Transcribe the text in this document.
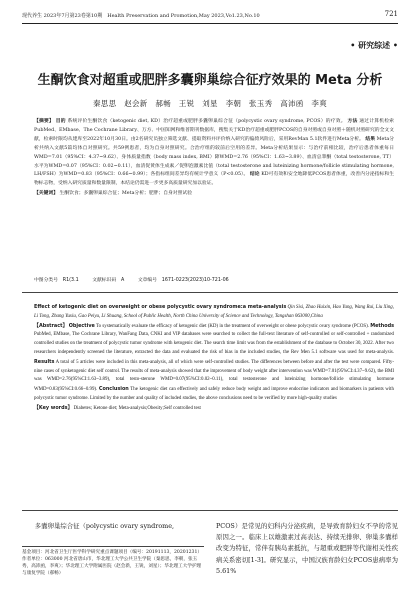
现代养生 2023年7月第23卷第10期　Health Preservation and Promotion,May 2023,Vo1.23,No.10	721
• 研究综述 •
生酮饮食对超重或肥胖多囊卵巢综合征疗效果的 Meta 分析
秦思思　赵会新　郝畅　王锐　刘星　李朝　张玉秀　高沛函　李爽

【摘要】 目的 系统评价生酮饮食（ketogenic diet, KD）治疗超重或肥胖多囊卵巢综合征（polycystic ovary syndrome, PCOS）的疗效。 方法 通过计算机检索PubMed、EMbase、The Cochrane Library、万方、中国知网和维普期刊数据库，搜集关于KD治疗超重或肥胖PCOS的自身对照或自身对照＋随机对照研究的全文文献，检索时限均从建库至2022年10月30日。由2名研究员独立筛选文献、提取资料并评价纳入研究的偏倚风险后，采用RevMan 5.1软件进行Meta分析。 结果 Meta分析共纳入文献5篇均体自对照研究。共59例患者，均为自身对照研究。合治疗组的较前后空用的差异。Meta分析结果显示：与治疗前相比较，治疗后患者体重每日WMD=7.01（95%CI：4.37~9.62）、身体质量指数（body mass index, BMI）降WMD=2.76（95%CI：1.63~3.89）、血清总睾酮（total testosterone, TT）水平为WMD=0.07（95%CI：0.02~0.11），血清促黄体生成素／促卵泡激素比值（total testosterone and luteinizing hormone/follicle stimulating hormone, LH/FSH）为WMD=0.83（95%CI：0.66~0.99）；各指标组间差异均有统计学意义（P<0.05）。 结论 KD可有效和安全地降低PCOS患者体重，改善内分泌指标和生物标志物，受纳入研究质量和数量限制，本结论仍需进一步更多高质量研究加以验证。

【关键词】 生酮饮食；多囊卵巢综合征；Meta分析；肥胖；自身对照试验

中图分类号　R1(3.1	文献标识码　A	文章编号　1671-0223(2023)10-721-06

Effect of ketogenic diet on overweight or obese polycystic ovary syndrome:a meta-analysis Qin Sisi, Zhao Huixin, Hao Yang, Wang Rui, Liu Xing, Li Tong, Zhang Yuxiu, Gao Peiyu, Li Shuang, School of Public Health, North China University of Science and Technology, Tangshan 063000,China

【Abstract】 Objective To systematically evaluate the efficacy of ketogenic diet (KD) in the treatment of overweight or obese polycystic ovary syndrome (PCOS). Methods PubMed, EMbase, The Cochrane Library, WanFang Data, CNKI and VIP databases were searched to collect the full-text literature of self-controlled or self-controlled + randomized controlled studies on the treatment of polycystic tumor syndrome with ketogenic diet. The search time limit was from the establishment of the database to October 30, 2022. After two researchers independently screened the literature, extracted the data and evaluated the risk of bias in the included studies, the Rev Men 5.1 software was used for meta-analysis. Results A total of 5 articles were included in this meta-analysis, all of which were self-controlled studies. The differences between before and after the test were compared. Fifty-nine cases of synketogenic diet self control. The results of meta-analysis showed that the improvement of body weight after intervention was WMD=7.01(95%CI:4.37~9.62), the BMI was WMD=2.76(95%CI:1.63~3.89), total testo-sterone WMD=0.07(95%CI:0.02~0.11), total testosterone and luteinizing hormone/follicle stimulating hormone WMD=0.83(95%CI:0.66~0.99). Conclusion The ketogenic diet can effectively and safely reduce body weight and improve endocrine indicators and biomarkers in patients with polycystic tumor syndrome. Limited by the number and quality of included studies, the above conclusions need to be verified by more high-quality studies

【Key words】 Diabetes; Ketone diet; Meta-analysis;Obesity;Self controlled test

多囊卵巢综合征（polycystic ovary syndrome,

基金项目：河北省卫生厅医学科学研究重点课题项目（编号：20191113，20201231）

作者单位：063000 河北省唐山市，华北理工大学公共卫生学院（秦思思，李朝，张玉秀，高沛函，李爽）；华北理工大学附属医院（赵会新，王锐，刘星）；华北理工大学护理与康复学院（郝畅）

PCOS）是常见的妇科内分泌疾病，是导致育龄妇女不孕的常见原因之一。临床上以雄激素过高表达、持续无排卵、卵巢多囊样改变为特征，常伴有胰岛素抵抗，与超重或肥胖等代谢相关性疾病关系密切[1-3]。研究显示，中国汉族育龄妇女PCOS患病率为5.61%
